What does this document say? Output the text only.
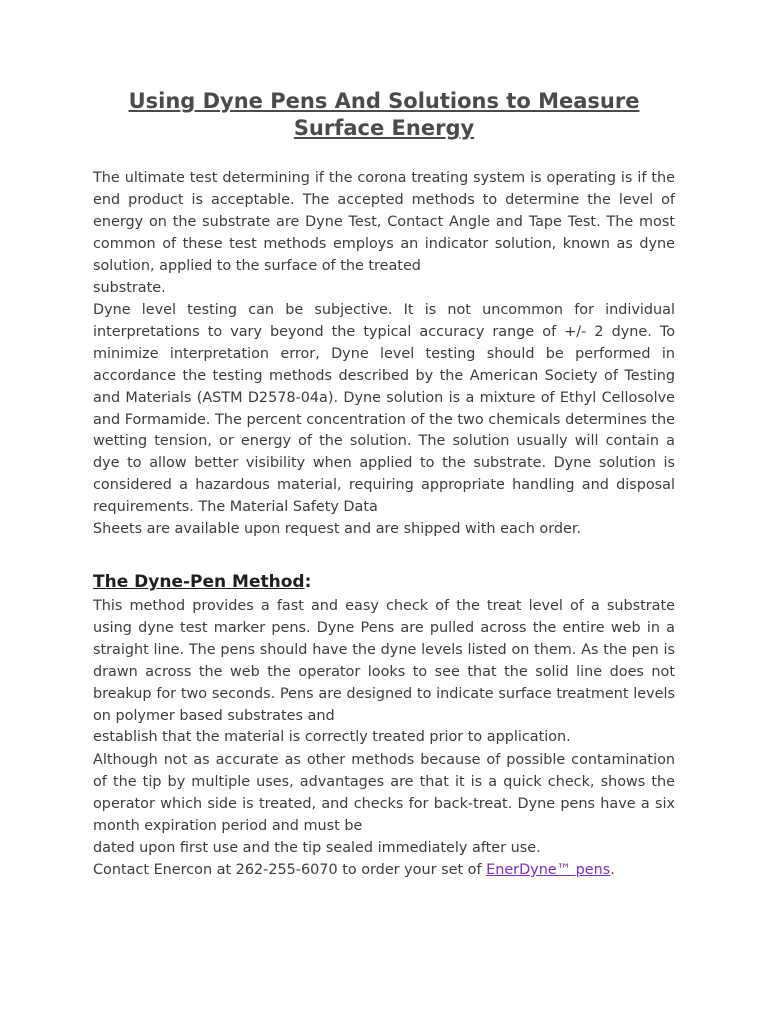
Using Dyne Pens And Solutions to Measure Surface Energy

The ultimate test determining if the corona treating system is operating is if the end product is acceptable. The accepted methods to determine the level of energy on the substrate are Dyne Test, Contact Angle and Tape Test. The most common of these test methods employs an indicator solution, known as dyne solution, applied to the surface of the treated
substrate.

Dyne level testing can be subjective. It is not uncommon for individual interpretations to vary beyond the typical accuracy range of +/- 2 dyne. To minimize interpretation error, Dyne level testing should be performed in accordance the testing methods described by the American Society of Testing and Materials (ASTM D2578-04a). Dyne solution is a mixture of Ethyl Cellosolve and Formamide. The percent concentration of the two chemicals determines the wetting tension, or energy of the solution. The solution usually will contain a dye to allow better visibility when applied to the substrate. Dyne solution is considered a hazardous material, requiring appropriate handling and disposal requirements. The Material Safety Data
Sheets are available upon request and are shipped with each order.

The Dyne-Pen Method:

This method provides a fast and easy check of the treat level of a substrate using dyne test marker pens. Dyne Pens are pulled across the entire web in a straight line. The pens should have the dyne levels listed on them. As the pen is drawn across the web the operator looks to see that the solid line does not breakup for two seconds. Pens are designed to indicate surface treatment levels on polymer based substrates and
establish that the material is correctly treated prior to application.

Although not as accurate as other methods because of possible contamination of the tip by multiple uses, advantages are that it is a quick check, shows the operator which side is treated, and checks for back-treat. Dyne pens have a six month expiration period and must be
dated upon first use and the tip sealed immediately after use.

Contact Enercon at 262-255-6070 to order your set of EnerDyne™ pens.
